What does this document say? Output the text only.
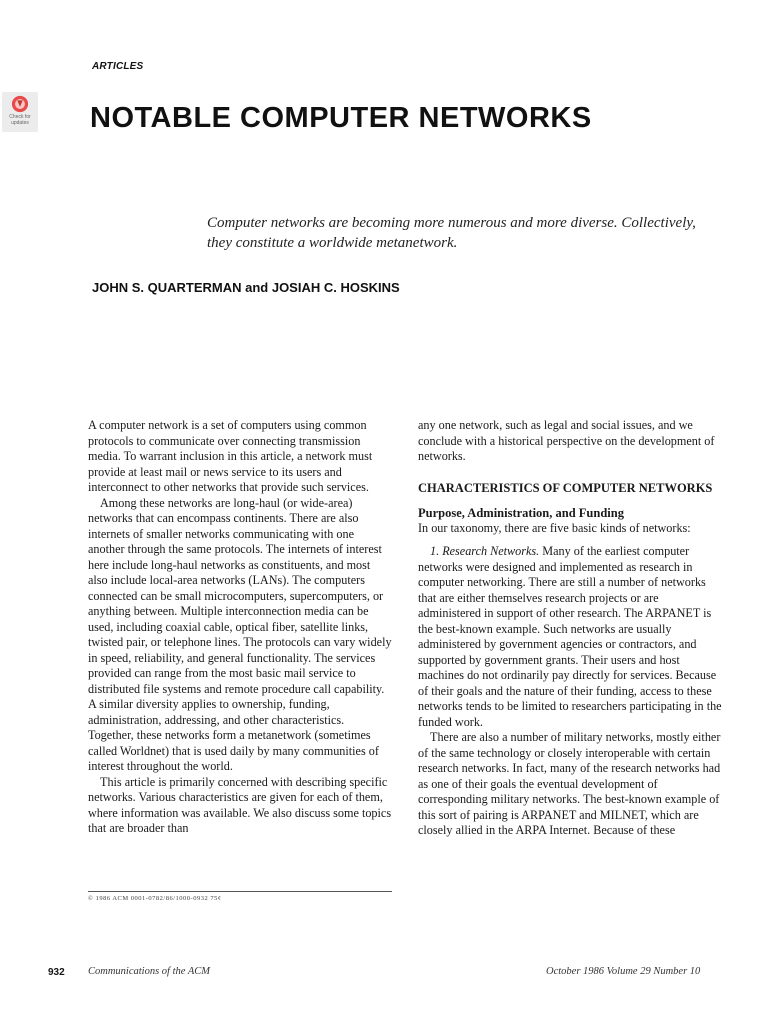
ARTICLES
Check for updates	NOTABLE COMPUTER NETWORKS
Computer networks are becoming more numerous and more diverse. Collectively, they constitute a worldwide metanetwork.
JOHN S. QUARTERMAN and JOSIAH C. HOSKINS

A computer network is a set of computers using common protocols to communicate over connecting transmission media. To warrant inclusion in this article, a network must provide at least mail or news service to its users and interconnect to other networks that provide such services.

Among these networks are long-haul (or wide-area) networks that can encompass continents. There are also internets of smaller networks communicating with one another through the same protocols. The internets of interest here include long-haul networks as constituents, and most also include local-area networks (LANs). The computers connected can be small microcomputers, supercomputers, or anything between. Multiple interconnection media can be used, including coaxial cable, optical fiber, satellite links, twisted pair, or telephone lines. The protocols can vary widely in speed, reliability, and general functionality. The services provided can range from the most basic mail service to distributed file systems and remote procedure call capability. A similar diversity applies to ownership, funding, administration, addressing, and other characteristics. Together, these networks form a metanetwork (sometimes called Worldnet) that is used daily by many communities of interest throughout the world.

This article is primarily concerned with describing specific networks. Various characteristics are given for each of them, where information was available. We also discuss some topics that are broader than

© 1986 ACM 0001-0782/86/1000-0932 75¢

any one network, such as legal and social issues, and we conclude with a historical perspective on the development of networks.

CHARACTERISTICS OF COMPUTER NETWORKS
Purpose, Administration, and Funding

In our taxonomy, there are five basic kinds of networks:

1. Research Networks. Many of the earliest computer networks were designed and implemented as research in computer networking. There are still a number of networks that are either themselves research projects or are administered in support of other research. The ARPANET is the best-known example. Such networks are usually administered by government agencies or contractors, and supported by government grants. Their users and host machines do not ordinarily pay directly for services. Because of their goals and the nature of their funding, access to these networks tends to be limited to researchers participating in the funded work.

There are also a number of military networks, mostly either of the same technology or closely interoperable with certain research networks. In fact, many of the research networks had as one of their goals the eventual development of corresponding military networks. The best-known example of this sort of pairing is ARPANET and MILNET, which are closely allied in the ARPA Internet. Because of these

932 Communications of the ACM	October 1986 Volume 29 Number 10
